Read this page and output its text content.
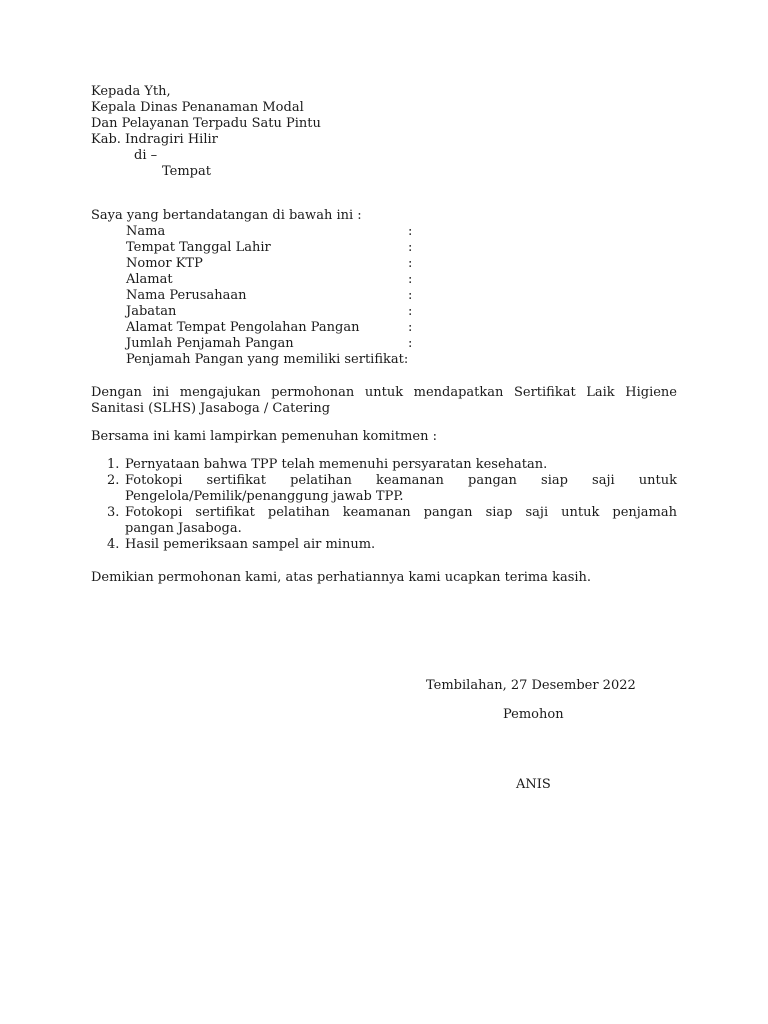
Kepada Yth,
Kepala Dinas Penanaman Modal
Dan Pelayanan Terpadu Satu Pintu
Kab. Indragiri Hilir
di –
Tempat
Saya yang bertandatangan di bawah ini :
Nama	:
Tempat Tanggal Lahir	:
Nomor KTP	:
Alamat	:
Nama Perusahaan	:
Jabatan	:
Alamat Tempat Pengolahan Pangan	:
Jumlah Penjamah Pangan	:
Penjamah Pangan yang memiliki sertifikat:
Dengan ini mengajukan permohonan untuk mendapatkan Sertifikat Laik Higiene
Sanitasi (SLHS) Jasaboga / Catering
Bersama ini kami lampirkan pemenuhan komitmen :
1. Pernyataan bahwa TPP telah memenuhi persyaratan kesehatan.
2. Fotokopi sertifikat pelatihan keamanan pangan siap saji untuk
Pengelola/Pemilik/penanggung jawab TPP.
3. Fotokopi sertifikat pelatihan keamanan pangan siap saji untuk penjamah
pangan Jasaboga.
4. Hasil pemeriksaan sampel air minum.
Demikian permohonan kami, atas perhatiannya kami ucapkan terima kasih.
Tembilahan, 27 Desember 2022
Pemohon
ANIS
